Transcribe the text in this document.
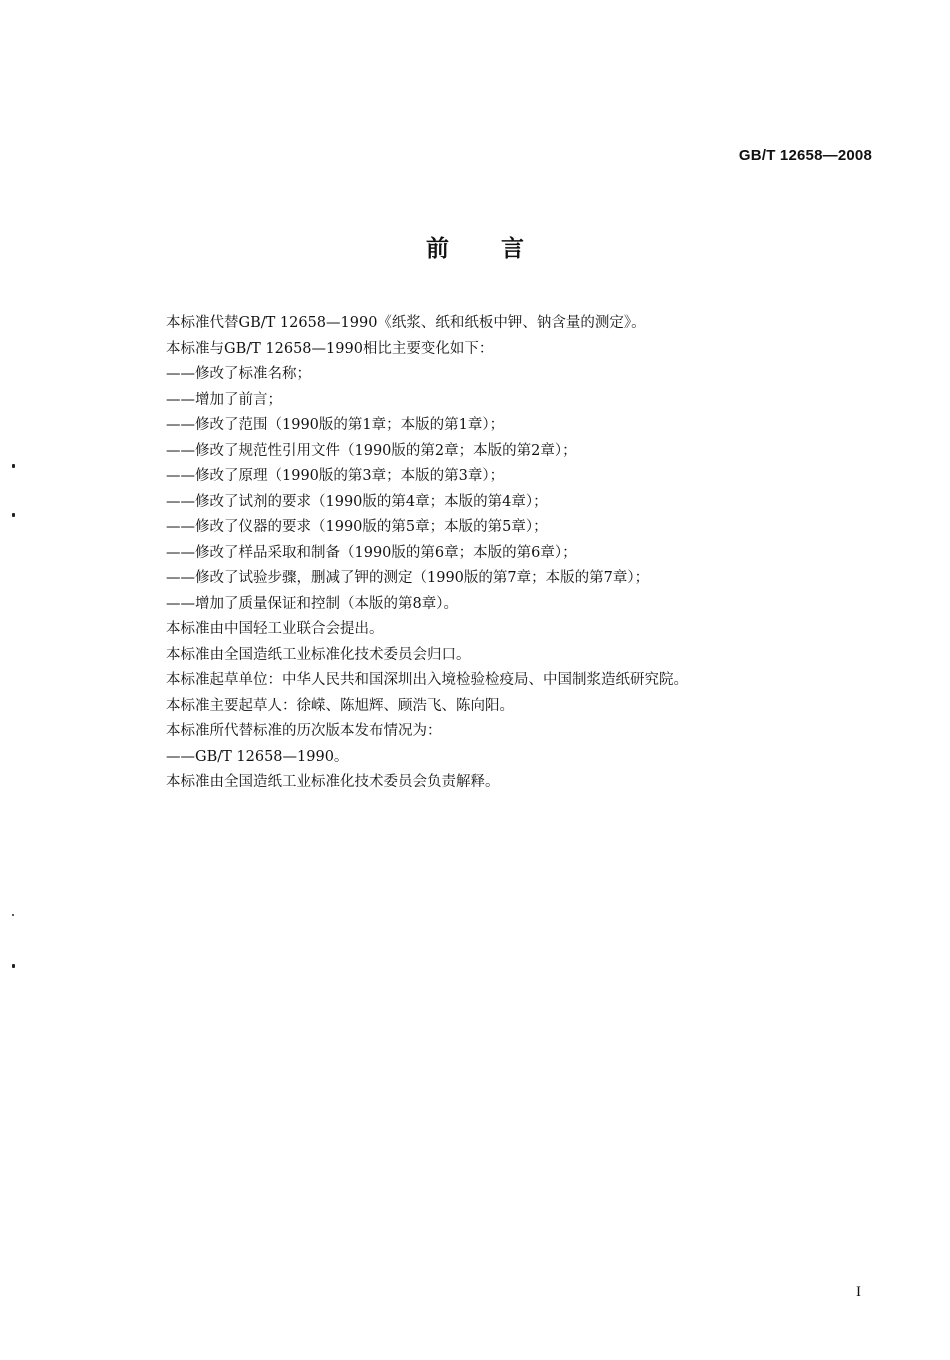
GB/T 12658—2008
前言
本标准代替GB/T 12658—1990《纸浆、纸和纸板中钾、钠含量的测定》。
本标准与GB/T 12658—1990相比主要变化如下：
——修改了标准名称；
——增加了前言；
——修改了范围（1990版的第1章；本版的第1章）；
——修改了规范性引用文件（1990版的第2章；本版的第2章）；
——修改了原理（1990版的第3章；本版的第3章）；
——修改了试剂的要求（1990版的第4章；本版的第4章）；
——修改了仪器的要求（1990版的第5章；本版的第5章）；
——修改了样品采取和制备（1990版的第6章；本版的第6章）；
——修改了试验步骤，删减了钾的测定（1990版的第7章；本版的第7章）；
——增加了质量保证和控制（本版的第8章）。
本标准由中国轻工业联合会提出。
本标准由全国造纸工业标准化技术委员会归口。
本标准起草单位：中华人民共和国深圳出入境检验检疫局、中国制浆造纸研究院。
本标准主要起草人：徐嵘、陈旭辉、顾浩飞、陈向阳。
本标准所代替标准的历次版本发布情况为：
——GB/T 12658—1990。
本标准由全国造纸工业标准化技术委员会负责解释。
I
